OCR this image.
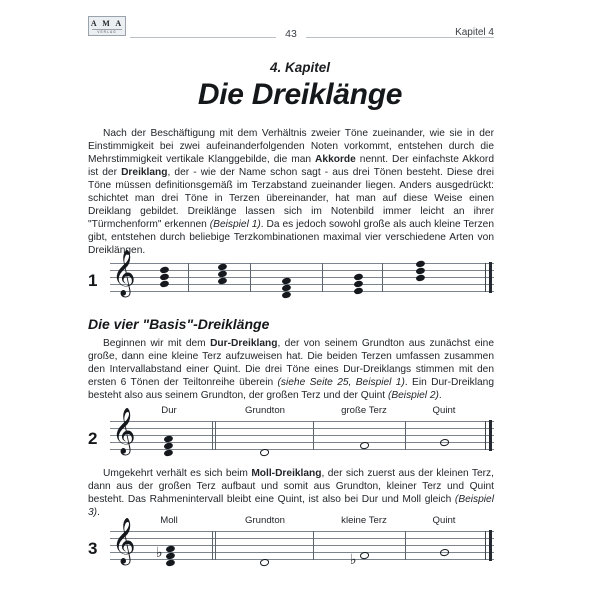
A M A
VERLAG	43	Kapitel 4
4. Kapitel
Die Dreiklänge
Nach der Beschäftigung mit dem Verhältnis zweier Töne zueinander, wie sie in der Einstimmigkeit bei zwei aufeinanderfolgenden Noten vorkommt, entstehen durch die Mehrstimmigkeit vertikale Klanggebilde, die man Akkorde nennt. Der einfachste Akkord ist der Dreiklang, der - wie der Name schon sagt - aus drei Tönen besteht. Diese drei Töne müssen definitionsgemäß im Terzabstand zueinander liegen. Anders ausgedrückt: schichtet man drei Töne in Terzen übereinander, hat man auf diese Weise einen Dreiklang gebildet. Dreiklänge lassen sich im Notenbild immer leicht an ihrer "Türmchenform" erkennen (Beispiel 1). Da es jedoch sowohl große als auch kleine Terzen gibt, entstehen durch beliebige Terzkombinationen maximal vier verschiedene Arten von Dreiklängen.
1 𝄞
Die vier "Basis"-Dreiklänge
Beginnen wir mit dem Dur-Dreiklang, der von seinem Grundton aus zunächst eine große, dann eine kleine Terz aufzuweisen hat. Die beiden Terzen umfassen zusammen den Intervallabstand einer Quint. Die drei Töne eines Dur-Dreiklangs stimmen mit den ersten 6 Tönen der Teiltonreihe überein (siehe Seite 25, Beispiel 1). Ein Dur-Dreiklang besteht also aus seinem Grundton, der großen Terz und der Quint (Beispiel 2).
2 𝄞	Dur	Grundton	große Terz	Quint
Umgekehrt verhält es sich beim Moll-Dreiklang, der sich zuerst aus der kleinen Terz, dann aus der großen Terz aufbaut und somit aus Grundton, kleiner Terz und Quint besteht. Das Rahmenintervall bleibt eine Quint, ist also bei Dur und Moll gleich (Beispiel 3).
3 𝄞	Moll	Grundton	kleine Terz	Quint
♭	♭
